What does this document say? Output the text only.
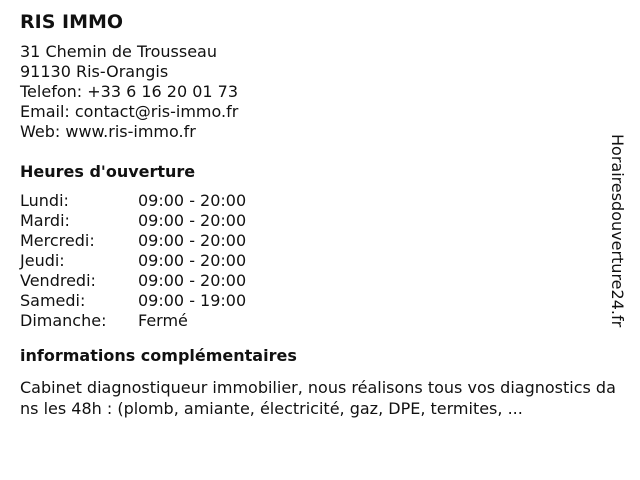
RIS IMMO
31 Chemin de Trousseau
91130 Ris-Orangis
Telefon: +33 6 16 20 01 73
Email: contact@ris-immo.fr
Web: www.ris-immo.fr
Heures d'ouverture
Lundi:	09:00 - 20:00
Mardi:	09:00 - 20:00
Mercredi:	09:00 - 20:00
Jeudi:	09:00 - 20:00
Vendredi:	09:00 - 20:00
Samedi:	09:00 - 19:00
Dimanche:	Fermé
informations complémentaires
Cabinet diagnostiqueur immobilier, nous réalisons tous vos diagnostics dans les 48h : (plomb, amiante, électricité, gaz, DPE, termites, ...
Horairesdouverture24.fr
